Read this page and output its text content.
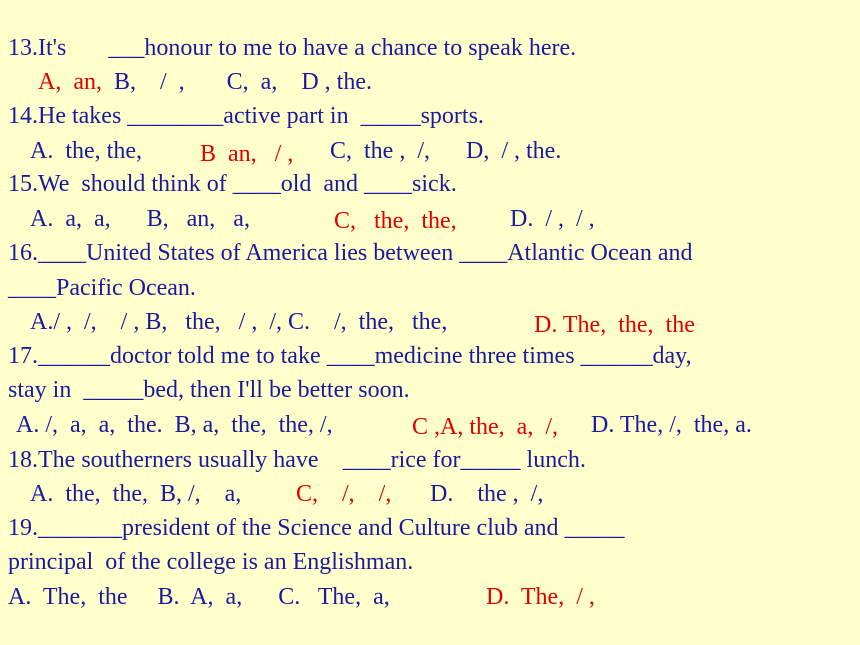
13.It's       ___honour to me to have a chance to speak here.
A,  an,  B,    /  ,       C,  a,    D , the.
14.He takes ________active part in  _____sports.
A.  the, the, B  an,   / , C,  the ,  /,      D,  / , the.
15.We  should think of ____old  and ____sick.
A.  a,  a,      B,   an,   a,	C,   the,  the, D.  / ,  / ,
16.____United States of America lies between ____Atlantic Ocean and
____Pacific Ocean.
A./ ,  /,    / , B,   the,   / ,  /, C.    /,  the,   the,	D. The,  the,  the
17.______doctor told me to take ____medicine three times ______day,
stay in  _____bed, then I'll be better soon.
A. /,  a,  a,  the.  B, a,  the,  the, /,	C ,A, the,  a,  /, D. The, /,  the, a.
18.The southerners usually have    ____rice for_____ lunch.
A.  the,  the,  B, /,    a, C,    /,    /, D.    the ,  /,
19._______president of the Science and Culture club and _____
principal  of the college is an Englishman.
A.  The,  the     B.  A,  a,      C.   The,  a,	D.  The,  / ,
